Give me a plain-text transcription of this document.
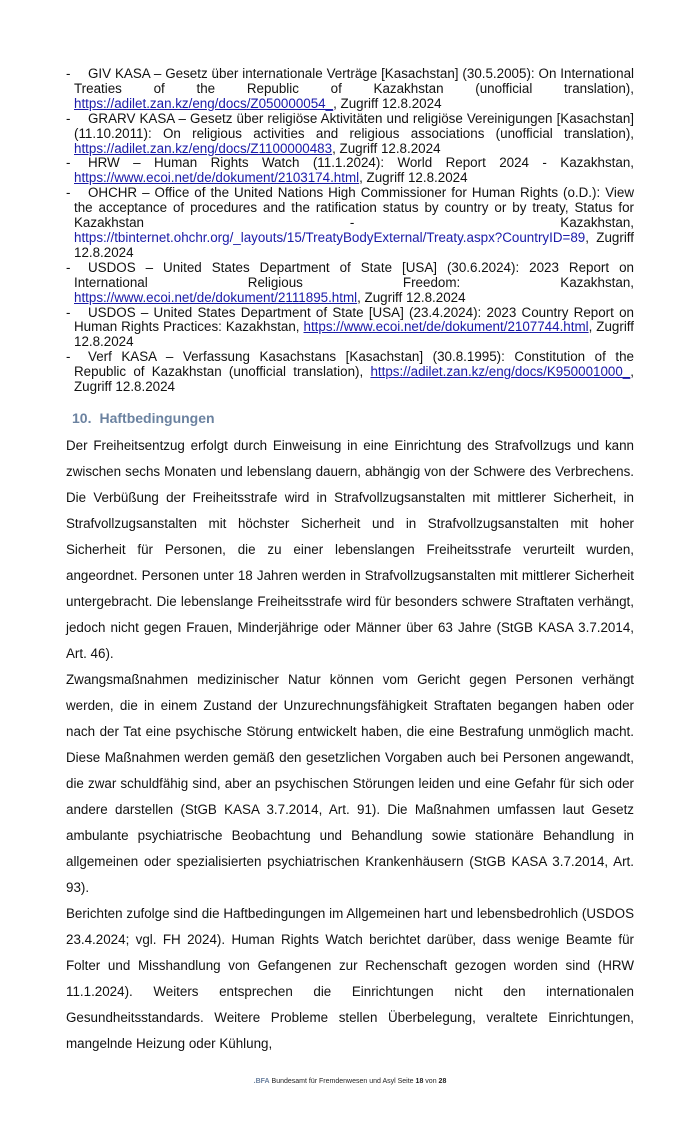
- GIV KASA – Gesetz über internationale Verträge [Kasachstan] (30.5.2005): On International Treaties of the Republic of Kazakhstan (unofficial translation), https://adilet.zan.kz/eng/docs/Z050000054_, Zugriff 12.8.2024
- GRARV KASA – Gesetz über religiöse Aktivitäten und religiöse Vereinigungen [Kasachstan] (11.10.2011): On religious activities and religious associations (unofficial translation), https://adilet.zan.kz/eng/docs/Z1100000483, Zugriff 12.8.2024
- HRW – Human Rights Watch (11.1.2024): World Report 2024 - Kazakhstan, https://www.ecoi.net/de/dokument/2103174.html, Zugriff 12.8.2024
- OHCHR – Office of the United Nations High Commissioner for Human Rights (o.D.): View the acceptance of procedures and the ratification status by country or by treaty, Status for Kazakhstan - Kazakhstan, https://tbinternet.ohchr.org/_layouts/15/TreatyBodyExternal/Treaty.aspx?CountryID=89, Zugriff 12.8.2024
- USDOS – United States Department of State [USA] (30.6.2024): 2023 Report on International Religious Freedom: Kazakhstan, https://www.ecoi.net/de/dokument/2111895.html, Zugriff 12.8.2024
- USDOS – United States Department of State [USA] (23.4.2024): 2023 Country Report on Human Rights Practices: Kazakhstan, https://www.ecoi.net/de/dokument/2107744.html, Zugriff 12.8.2024
- Verf KASA – Verfassung Kasachstans [Kasachstan] (30.8.1995): Constitution of the Republic of Kazakhstan (unofficial translation), https://adilet.zan.kz/eng/docs/K950001000_, Zugriff 12.8.2024
10. Haftbedingungen

Der Freiheitsentzug erfolgt durch Einweisung in eine Einrichtung des Strafvollzugs und kann zwischen sechs Monaten und lebenslang dauern, abhängig von der Schwere des Verbrechens. Die Verbüßung der Freiheitsstrafe wird in Strafvollzugsanstalten mit mittlerer Sicherheit, in Strafvollzugsanstalten mit höchster Sicherheit und in Strafvollzugsanstalten mit hoher Sicherheit für Personen, die zu einer lebenslangen Freiheitsstrafe verurteilt wurden, angeordnet. Personen unter 18 Jahren werden in Strafvollzugsanstalten mit mittlerer Sicherheit untergebracht. Die lebenslange Freiheitsstrafe wird für besonders schwere Straftaten verhängt, jedoch nicht gegen Frauen, Minderjährige oder Männer über 63 Jahre (StGB KASA 3.7.2014, Art. 46).

Zwangsmaßnahmen medizinischer Natur können vom Gericht gegen Personen verhängt werden, die in einem Zustand der Unzurechnungsfähigkeit Straftaten begangen haben oder nach der Tat eine psychische Störung entwickelt haben, die eine Bestrafung unmöglich macht. Diese Maßnahmen werden gemäß den gesetzlichen Vorgaben auch bei Personen angewandt, die zwar schuldfähig sind, aber an psychischen Störungen leiden und eine Gefahr für sich oder andere darstellen (StGB KASA 3.7.2014, Art. 91). Die Maßnahmen umfassen laut Gesetz ambulante psychiatrische Beobachtung und Behandlung sowie stationäre Behandlung in allgemeinen oder spezialisierten psychiatrischen Krankenhäusern (StGB KASA 3.7.2014, Art. 93).

Berichten zufolge sind die Haftbedingungen im Allgemeinen hart und lebensbedrohlich (USDOS 23.4.2024; vgl. FH 2024). Human Rights Watch berichtet darüber, dass wenige Beamte für Folter und Misshandlung von Gefangenen zur Rechenschaft gezogen worden sind (HRW 11.1.2024). Weiters entsprechen die Einrichtungen nicht den internationalen Gesundheitsstandards. Weitere Probleme stellen Überbelegung, veraltete Einrichtungen, mangelnde Heizung oder Kühlung,

.BFA Bundesamt für Fremdenwesen und Asyl Seite 18 von 28
